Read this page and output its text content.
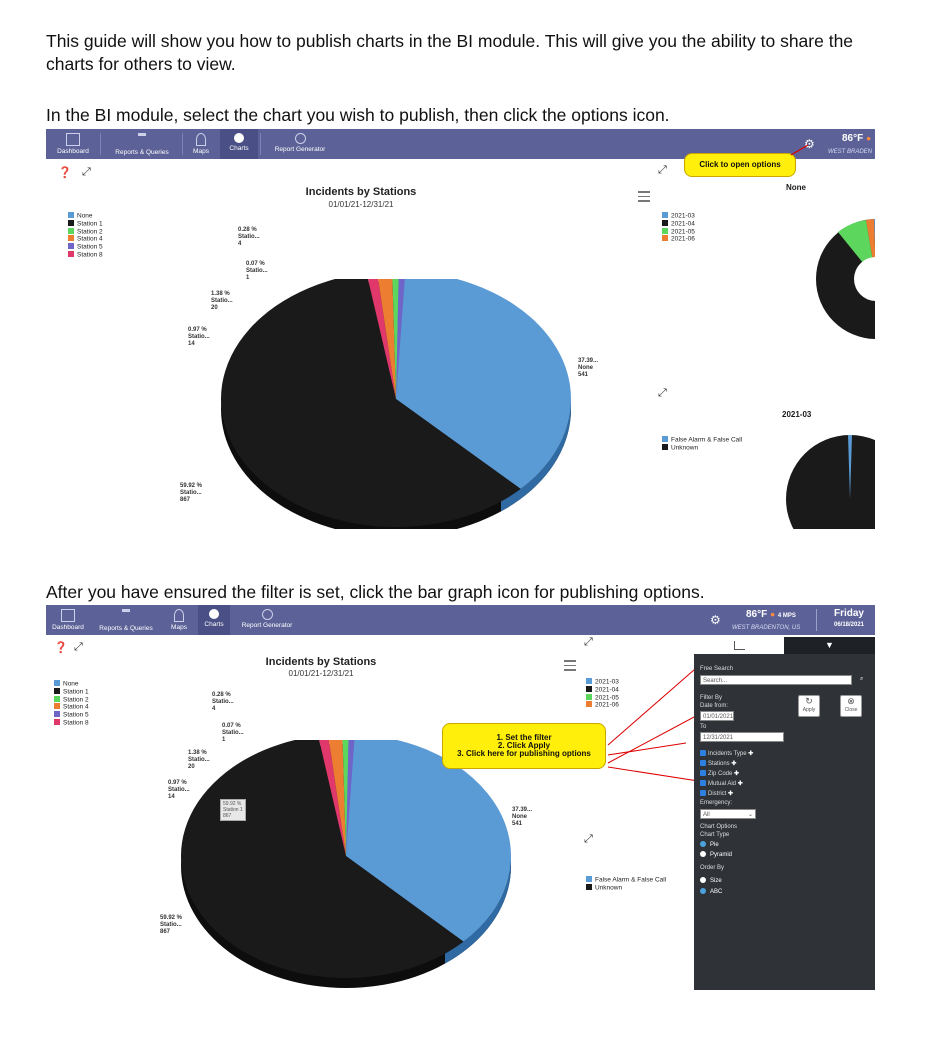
This guide will show you how to publish charts in the BI module. This will give you the ability to share the charts for others to view.
In the BI module, select the chart you wish to publish, then click the options icon.
After you have ensured the filter is set, click the bar graph icon for publishing options.
Dashboard	Reports & Queries	Maps	Charts	Report Generator	⚙	86°F ●
WEST BRADEN
❓ ⤢
Incidents by Stations
01/01/21-12/31/21
None
Station 1
Station 2
Station 4
Station 5
Station 8
0.28 %
Statio...
4
0.07 %
Statio...
1
1.38 %
Statio...
20
0.97 %
Statio...
14
37.39...
None
541
59.92 %
Statio...
867
⤢
2021-03
2021-04
2021-05
2021-06
⤢
False Alarm & False Call
Unknown
None
2021-03
Click to open options
Dashboard	Reports & Queries	Maps	Charts	Report Generator	⚙	86°F ● 4 MPS
WEST BRADENTON, US
Friday
06/18/2021
❓ ⤢
Incidents by Stations
01/01/21-12/31/21
None
Station 1
Station 2
Station 4
Station 5
Station 8
0.28 %
Statio...
4
0.07 %
Statio...
1
1.38 %
Statio...
20
0.97 %
Statio...
14
37.39...
None
541
59.92 %
Statio...
867
59.92 %
Station 1
867
⤢
2021-03
2021-04
2021-05
2021-06
⤢
False Alarm & False Call
Unknown
1. Set the filter
2. Click Apply
3. Click here for publishing options
▼
Free Search
Search...	⌕
Filter By
Date from:
01/01/2021
↻
Apply
⊗
Close
To
12/31/2021
Incidents Type ✚
Stations ✚
Zip Code ✚
Mutual Aid ✚
District ✚
Emergency:
All	⌄
Chart Options
Chart Type
Pie
Pyramid
Order By
Size
ABC
